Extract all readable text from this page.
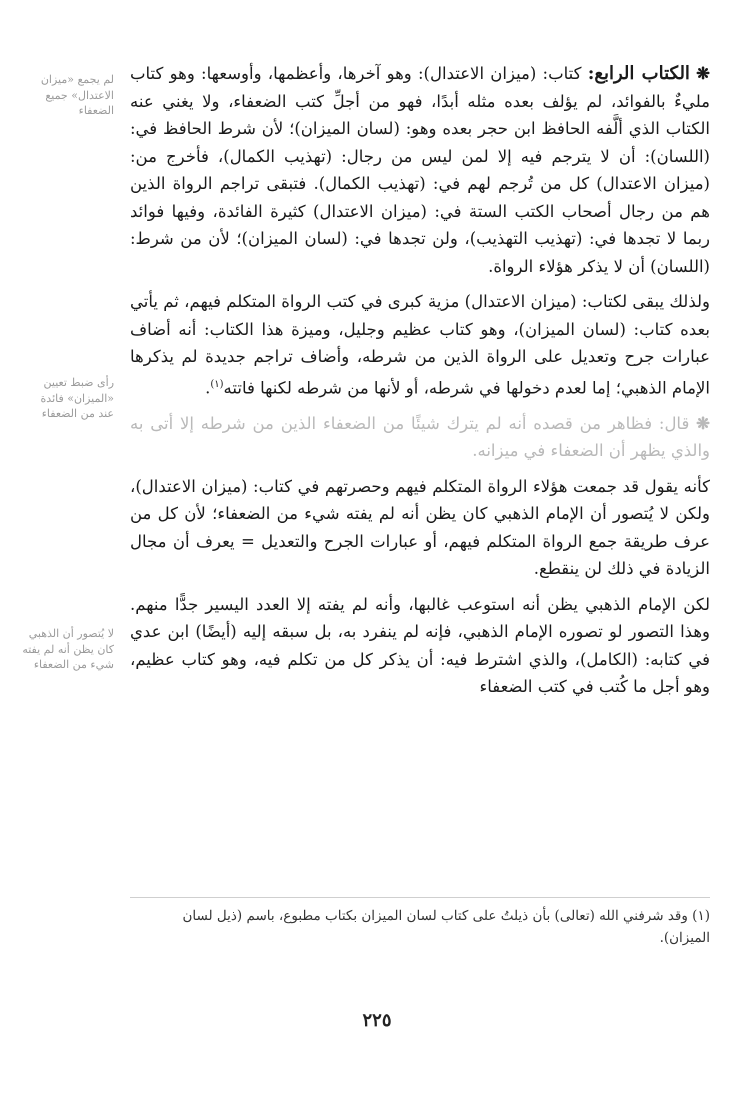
لم يجمع «ميزان الاعتدال» جميع الضعفاء
رأى ضبط تعيين «الميزان» فائدة عند من الضعفاء
لا يُتصور أن الذهبي كان يظن أنه لم يفته شيء من الضعفاء

❋ الكتاب الرابع: كتاب: (ميزان الاعتدال): وهو آخرها، وأعظمها، وأوسعها: وهو كتاب مليءٌ بالفوائد، لم يؤلف بعده مثله أبدًا، فهو من أجلِّ كتب الضعفاء، ولا يغني عنه الكتاب الذي ألَّفه الحافظ ابن حجر بعده وهو: (لسان الميزان)؛ لأن شرط الحافظ في: (اللسان): أن لا يترجم فيه إلا لمن ليس من رجال: (تهذيب الكمال)، فأخرج من: (ميزان الاعتدال) كل من تُرجم لهم في: (تهذيب الكمال). فتبقى تراجم الرواة الذين هم من رجال أصحاب الكتب الستة في: (ميزان الاعتدال) كثيرة الفائدة، وفيها فوائد ربما لا تجدها في: (تهذيب التهذيب)، ولن تجدها في: (لسان الميزان)؛ لأن من شرط: (اللسان) أن لا يذكر هؤلاء الرواة.

ولذلك يبقى لكتاب: (ميزان الاعتدال) مزية كبرى في كتب الرواة المتكلم فيهم، ثم يأتي بعده كتاب: (لسان الميزان)، وهو كتاب عظيم وجليل، وميزة هذا الكتاب: أنه أضاف عبارات جرح وتعديل على الرواة الذين من شرطه، وأضاف تراجم جديدة لم يذكرها الإمام الذهبي؛ إما لعدم دخولها في شرطه، أو لأنها من شرطه لكنها فاتته$^{(١)}$.

❋ قال: فظاهر من قصده أنه لم يترك شيئًا من الضعفاء الذين من شرطه إلا أتى به والذي يظهر أن الضعفاء في ميزانه.

كأنه يقول قد جمعت هؤلاء الرواة المتكلم فيهم وحصرتهم في كتاب: (ميزان الاعتدال)، ولكن لا يُتصور أن الإمام الذهبي كان يظن أنه لم يفته شيء من الضعفاء؛ لأن كل من عرف طريقة جمع الرواة المتكلم فيهم، أو عبارات الجرح والتعديل = يعرف أن مجال الزيادة في ذلك لن ينقطع.

لكن الإمام الذهبي يظن أنه استوعب غالبها، وأنه لم يفته إلا العدد اليسير جدًّا منهم. وهذا التصور لو تصوره الإمام الذهبي، فإنه لم ينفرد به، بل سبقه إليه (أيضًا) ابن عدي في كتابه: (الكامل)، والذي اشترط فيه: أن يذكر كل من تكلم فيه، وهو كتاب عظيم، وهو أجل ما كُتب في كتب الضعفاء

(١) وقد شرفني الله (تعالى) بأن ذيلتُ على كتاب لسان الميزان بكتاب مطبوع، باسم (ذيل لسان الميزان).
٢٢٥
